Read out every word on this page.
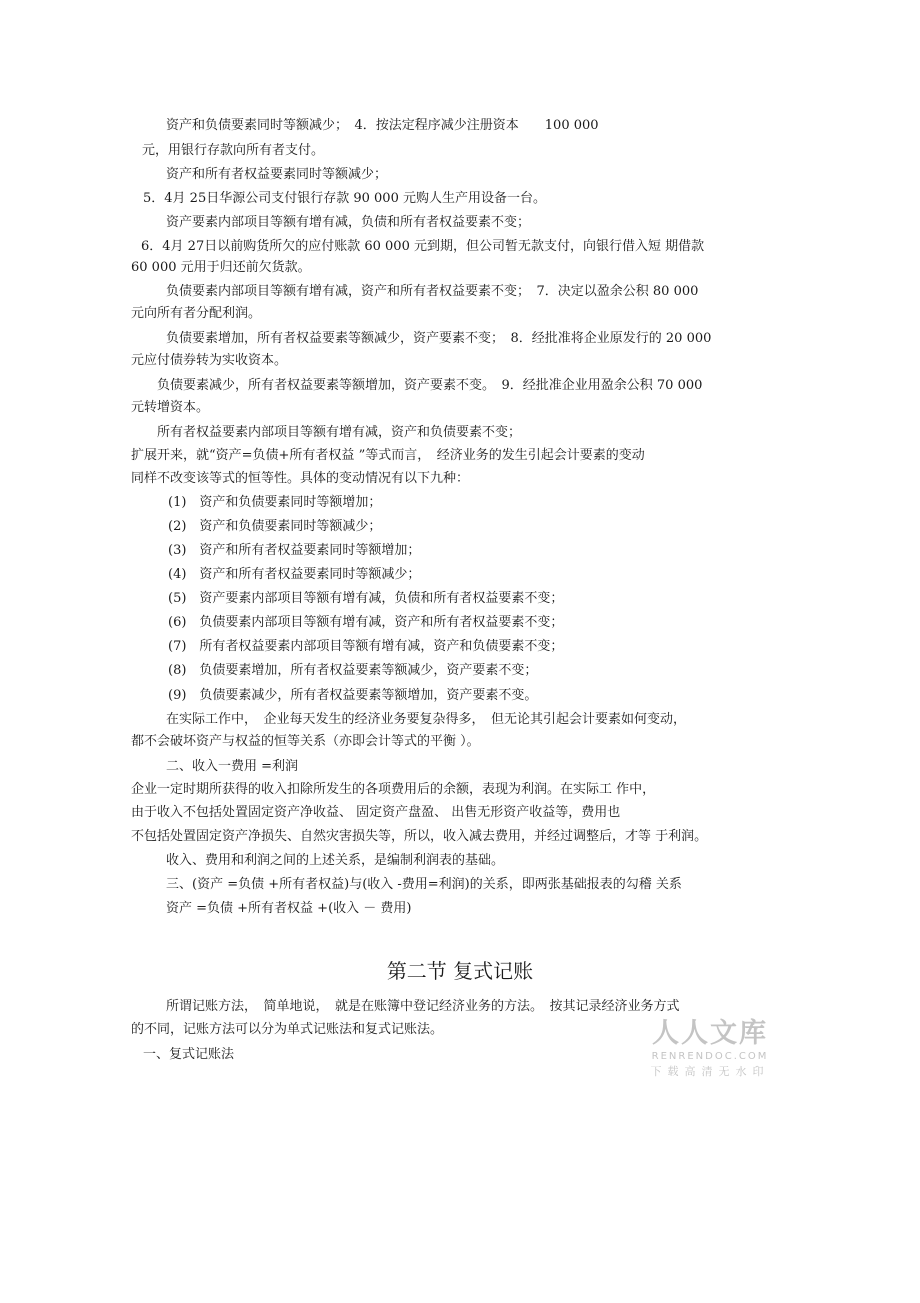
资产和负债要素同时等额减少；　4．按法定程序减少注册资本　　100 000
元，用银行存款向所有者支付。
资产和所有者权益要素同时等额减少；
5．4月 25日华源公司支付银行存款 90 000 元购人生产用设备一台。
资产要素内部项目等额有增有减，负债和所有者权益要素不变；
6．4月 27日以前购货所欠的应付账款 60 000 元到期，但公司暂无款支付，向银行借入短 期借款
60 000 元用于归还前欠货款。
负债要素内部项目等额有增有减，资产和所有者权益要素不变；　7．决定以盈余公积 80 000
元向所有者分配利润。
负债要素增加，所有者权益要素等额减少，资产要素不变；　8．经批准将企业原发行的 20 000
元应付债券转为实收资本。
负债要素减少，所有者权益要素等额增加，资产要素不变。　9．经批准企业用盈余公积 70 000
元转增资本。
所有者权益要素内部项目等额有增有减，资产和负债要素不变；
扩展开来，就“资产=负债+所有者权益 ”等式而言，　经济业务的发生引起会计要素的变动
同样不改变该等式的恒等性。具体的变动情况有以下九种：
(1)　资产和负债要素同时等额增加；
(2)　资产和负债要素同时等额减少；
(3)　资产和所有者权益要素同时等额增加；
(4)　资产和所有者权益要素同时等额减少；
(5)　资产要素内部项目等额有增有减，负债和所有者权益要素不变；
(6)　负债要素内部项目等额有增有减，资产和所有者权益要素不变；
(7)　所有者权益要素内部项目等额有增有减，资产和负债要素不变；
(8)　负债要素增加，所有者权益要素等额减少，资产要素不变；
(9)　负债要素减少，所有者权益要素等额增加，资产要素不变。
在实际工作中，　企业每天发生的经济业务要复杂得多，　但无论其引起会计要素如何变动，
都不会破坏资产与权益的恒等关系（亦即会计等式的平衡 ）。
二、收入一费用 =利润
企业一定时期所获得的收入扣除所发生的各项费用后的余额，表现为利润。在实际工 作中，
由于收入不包括处置固定资产净收益、 固定资产盘盈、 出售无形资产收益等，费用也
不包括处置固定资产净损失、自然灾害损失等，所以，收入减去费用，并经过调整后，才等 于利润。
收入、费用和利润之间的上述关系，是编制利润表的基础。
三、(资产 =负债 +所有者权益)与(收入 -费用=利润)的关系，即两张基础报表的勾稽 关系
资产 =负债 +所有者权益 +(收入 － 费用)
第二节 复式记账
所谓记账方法，　简单地说，　就是在账簿中登记经济业务的方法。　按其记录经济业务方式
的不同，记账方法可以分为单式记账法和复式记账法。
一、复式记账法
人人文库
RENRENDOC.COM
下载高清无水印
